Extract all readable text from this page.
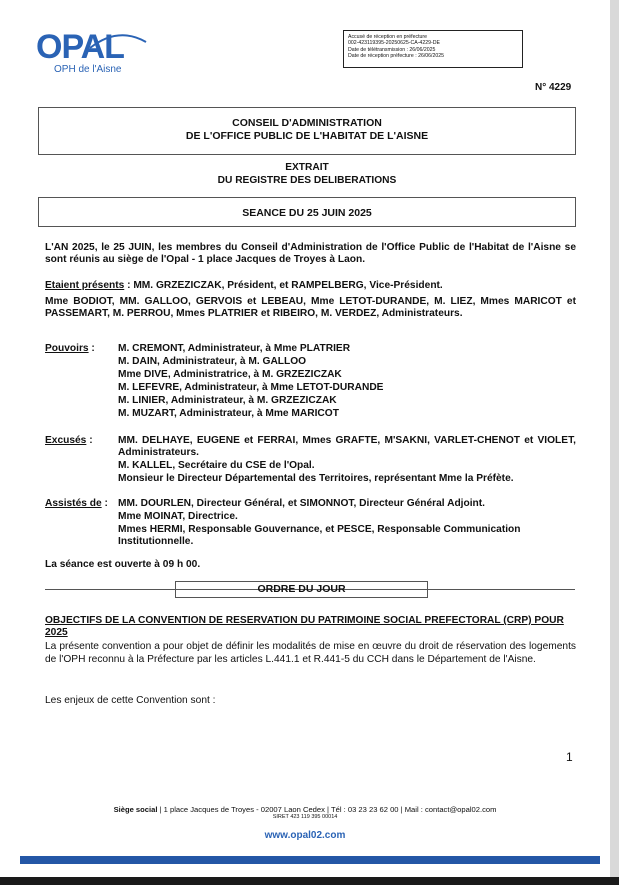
OPAL
OPH de l'Aisne
Accusé de réception en préfecture
002-423119395-20250625-CA-4229-DE
Date de télétransmission : 26/06/2025
Date de réception préfecture : 26/06/2025
N° 4229
CONSEIL D'ADMINISTRATION
DE L'OFFICE PUBLIC DE L'HABITAT DE L'AISNE
EXTRAIT
DU REGISTRE DES DELIBERATIONS
SEANCE DU 25 JUIN 2025
L'AN 2025, le 25 JUIN, les membres du Conseil d'Administration de l'Office Public de l'Habitat de l'Aisne se sont réunis au siège de l'Opal - 1 place Jacques de Troyes à Laon.
Etaient présents : MM. GRZEZICZAK, Président, et RAMPELBERG, Vice-Président.
Mme BODIOT, MM. GALLOO, GERVOIS et LEBEAU, Mme LETOT-DURANDE, M. LIEZ, Mmes MARICOT et PASSEMART, M. PERROU, Mmes PLATRIER et RIBEIRO, M. VERDEZ, Administrateurs.
Pouvoirs : M. CREMONT, Administrateur, à Mme PLATRIER
M. DAIN, Administrateur, à M. GALLOO
Mme DIVE, Administratrice, à M. GRZEZICZAK
M. LEFEVRE, Administrateur, à Mme LETOT-DURANDE
M. LINIER, Administrateur, à M. GRZEZICZAK
M. MUZART, Administrateur, à Mme MARICOT
Excusés : MM. DELHAYE, EUGENE et FERRAI, Mmes GRAFTE, M'SAKNI, VARLET-CHENOT et VIOLET, Administrateurs.
M. KALLEL, Secrétaire du CSE de l'Opal.
Monsieur le Directeur Départemental des Territoires, représentant Mme la Préfète.
Assistés de : MM. DOURLEN, Directeur Général, et SIMONNOT, Directeur Général Adjoint.
Mme MOINAT, Directrice.
Mmes HERMI, Responsable Gouvernance, et PESCE, Responsable Communication Institutionnelle.
La séance est ouverte à 09 h 00.
ORDRE DU JOUR
OBJECTIFS DE LA CONVENTION DE RESERVATION DU PATRIMOINE SOCIAL PREFECTORAL (CRP) POUR 2025
La présente convention a pour objet de définir les modalités de mise en œuvre du droit de réservation des logements de l'OPH reconnu à la Préfecture par les articles L.441.1 et R.441-5 du CCH dans le Département de l'Aisne.
Les enjeux de cette Convention sont :
1
Siège social | 1 place Jacques de Troyes - 02007 Laon Cedex | Tél : 03 23 23 62 00 | Mail : contact@opal02.com
SIRET 423 119 395 00014
www.opal02.com
